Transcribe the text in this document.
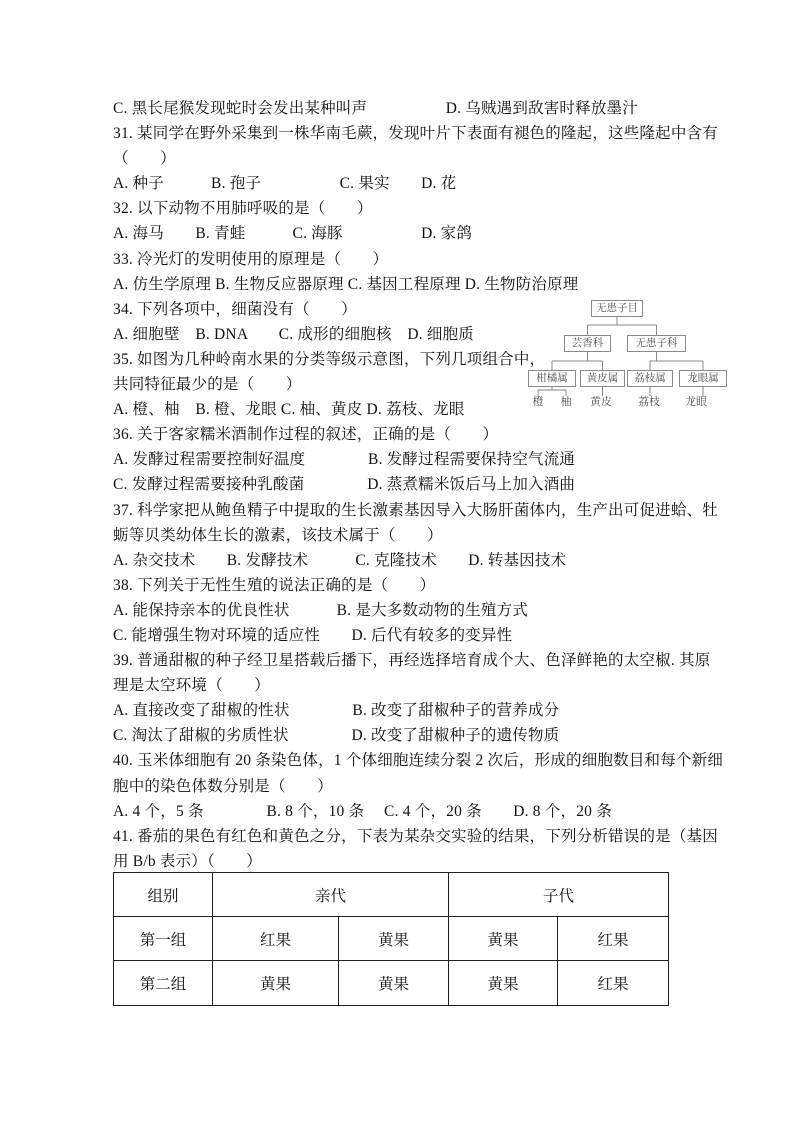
C. 黑长尾猴发现蛇时会发出某种叫声　　　　　D. 乌贼遇到敌害时释放墨汁
31. 某同学在野外采集到一株华南毛蕨，发现叶片下表面有褪色的隆起，这些隆起中含有
（　　）
A. 种子　　　B. 孢子　　　　　C. 果实　　D. 花
32. 以下动物不用肺呼吸的是（　　）
A. 海马　　B. 青蛙　　　C. 海豚　　　　　D. 家鸽
33. 冷光灯的发明使用的原理是（　　）
A. 仿生学原理 B. 生物反应器原理 C. 基因工程原理 D. 生物防治原理
34. 下列各项中，细菌没有（　　）
A. 细胞壁　B. DNA　　C. 成形的细胞核　D. 细胞质
35. 如图为几种岭南水果的分类等级示意图，下列几项组合中，
共同特征最少的是（　　）
A. 橙、柚　B. 橙、龙眼 C. 柚、黄皮 D. 荔枝、龙眼
36. 关于客家糯米酒制作过程的叙述，正确的是（　　）
A. 发酵过程需要控制好温度　　　　B. 发酵过程需要保持空气流通
C. 发酵过程需要接种乳酸菌　　　　D. 蒸煮糯米饭后马上加入酒曲
37. 科学家把从鲍鱼精子中提取的生长激素基因导入大肠肝菌体内，生产出可促进蛤、牡
蛎等贝类幼体生长的激素，该技术属于（　　）
A. 杂交技术　　B. 发酵技术　　　C. 克隆技术　　D. 转基因技术
38. 下列关于无性生殖的说法正确的是（　　）
A. 能保持亲本的优良性状　　　B. 是大多数动物的生殖方式
C. 能增强生物对环境的适应性　　D. 后代有较多的变异性
39. 普通甜椒的种子经卫星搭载后播下，再经选择培育成个大、色泽鲜艳的太空椒. 其原
理是太空环境（　　）
A. 直接改变了甜椒的性状　　　　B. 改变了甜椒种子的营养成分
C. 淘汰了甜椒的劣质性状　　　　D. 改变了甜椒种子的遗传物质
40. 玉米体细胞有 20 条染色体，1 个体细胞连续分裂 2 次后，形成的细胞数目和每个新细
胞中的染色体数分别是（　　）
A. 4 个，5 条　　　　B. 8 个，10 条　 C. 4 个，20 条　　D. 8 个，20 条
41. 番茄的果色有红色和黄色之分，下表为某杂交实验的结果，下列分析错误的是（基因
用 B/b 表示）（　　）
无患子目
芸香科	无患子科
柑橘属	黄皮属	荔枝属	龙眼属
橙 柚 黄皮 荔枝 龙眼
组别	亲代		子代	
第一组	红果	黄果	黄果	红果
第二组	黄果	黄果	黄果	红果
